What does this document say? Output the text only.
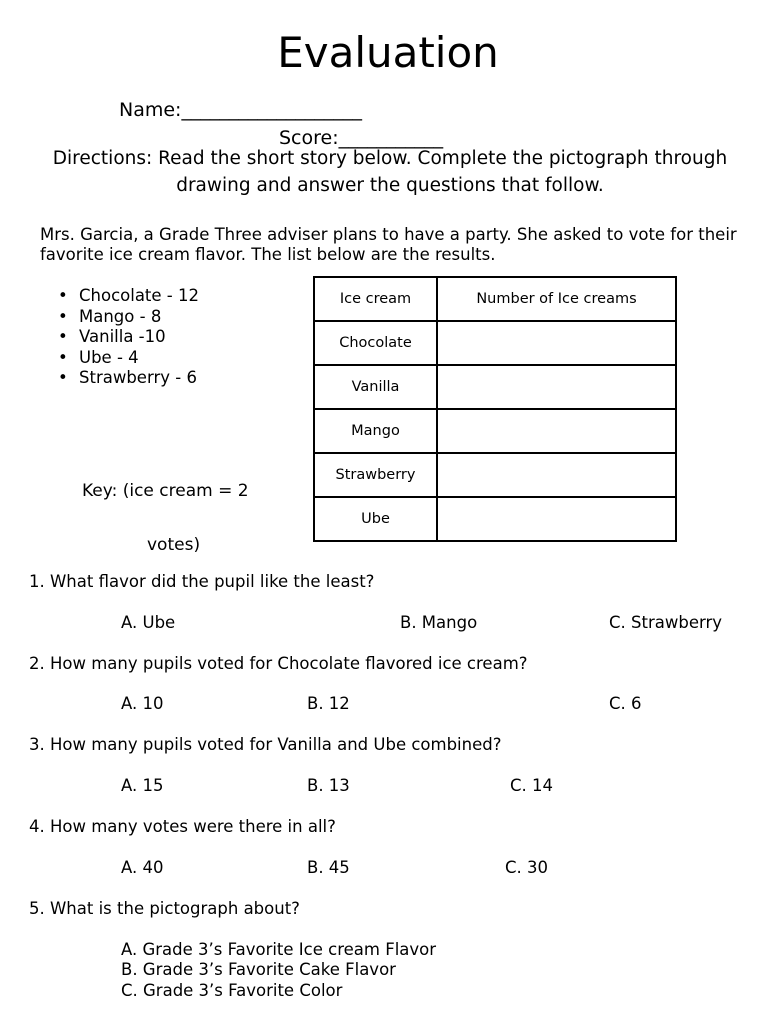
Evaluation
Name:___________________
Score:___________
Directions: Read the short story below. Complete the pictograph through drawing and answer the questions that follow.
Mrs. Garcia, a Grade Three adviser plans to have a party. She asked to vote for their favorite ice cream flavor. The list below are the results.
• Chocolate - 12
• Mango - 8
• Vanilla -10
• Ube - 4
• Strawberry - 6
Key: (ice cream = 2
votes)
Ice cream	Number of Ice creams
Chocolate	
Vanilla	
Mango	
Strawberry	
Ube	
1. What flavor did the pupil like the least?
A. Ube	B. Mango	C. Strawberry
2. How many pupils voted for Chocolate flavored ice cream?
A. 10	B. 12	C. 6
3. How many pupils voted for Vanilla and Ube combined?
A. 15	B. 13	C. 14
4. How many votes were there in all?
A. 40	B. 45	C. 30
5. What is the pictograph about?
A. Grade 3’s Favorite Ice cream Flavor
B. Grade 3’s Favorite Cake Flavor
C. Grade 3’s Favorite Color
